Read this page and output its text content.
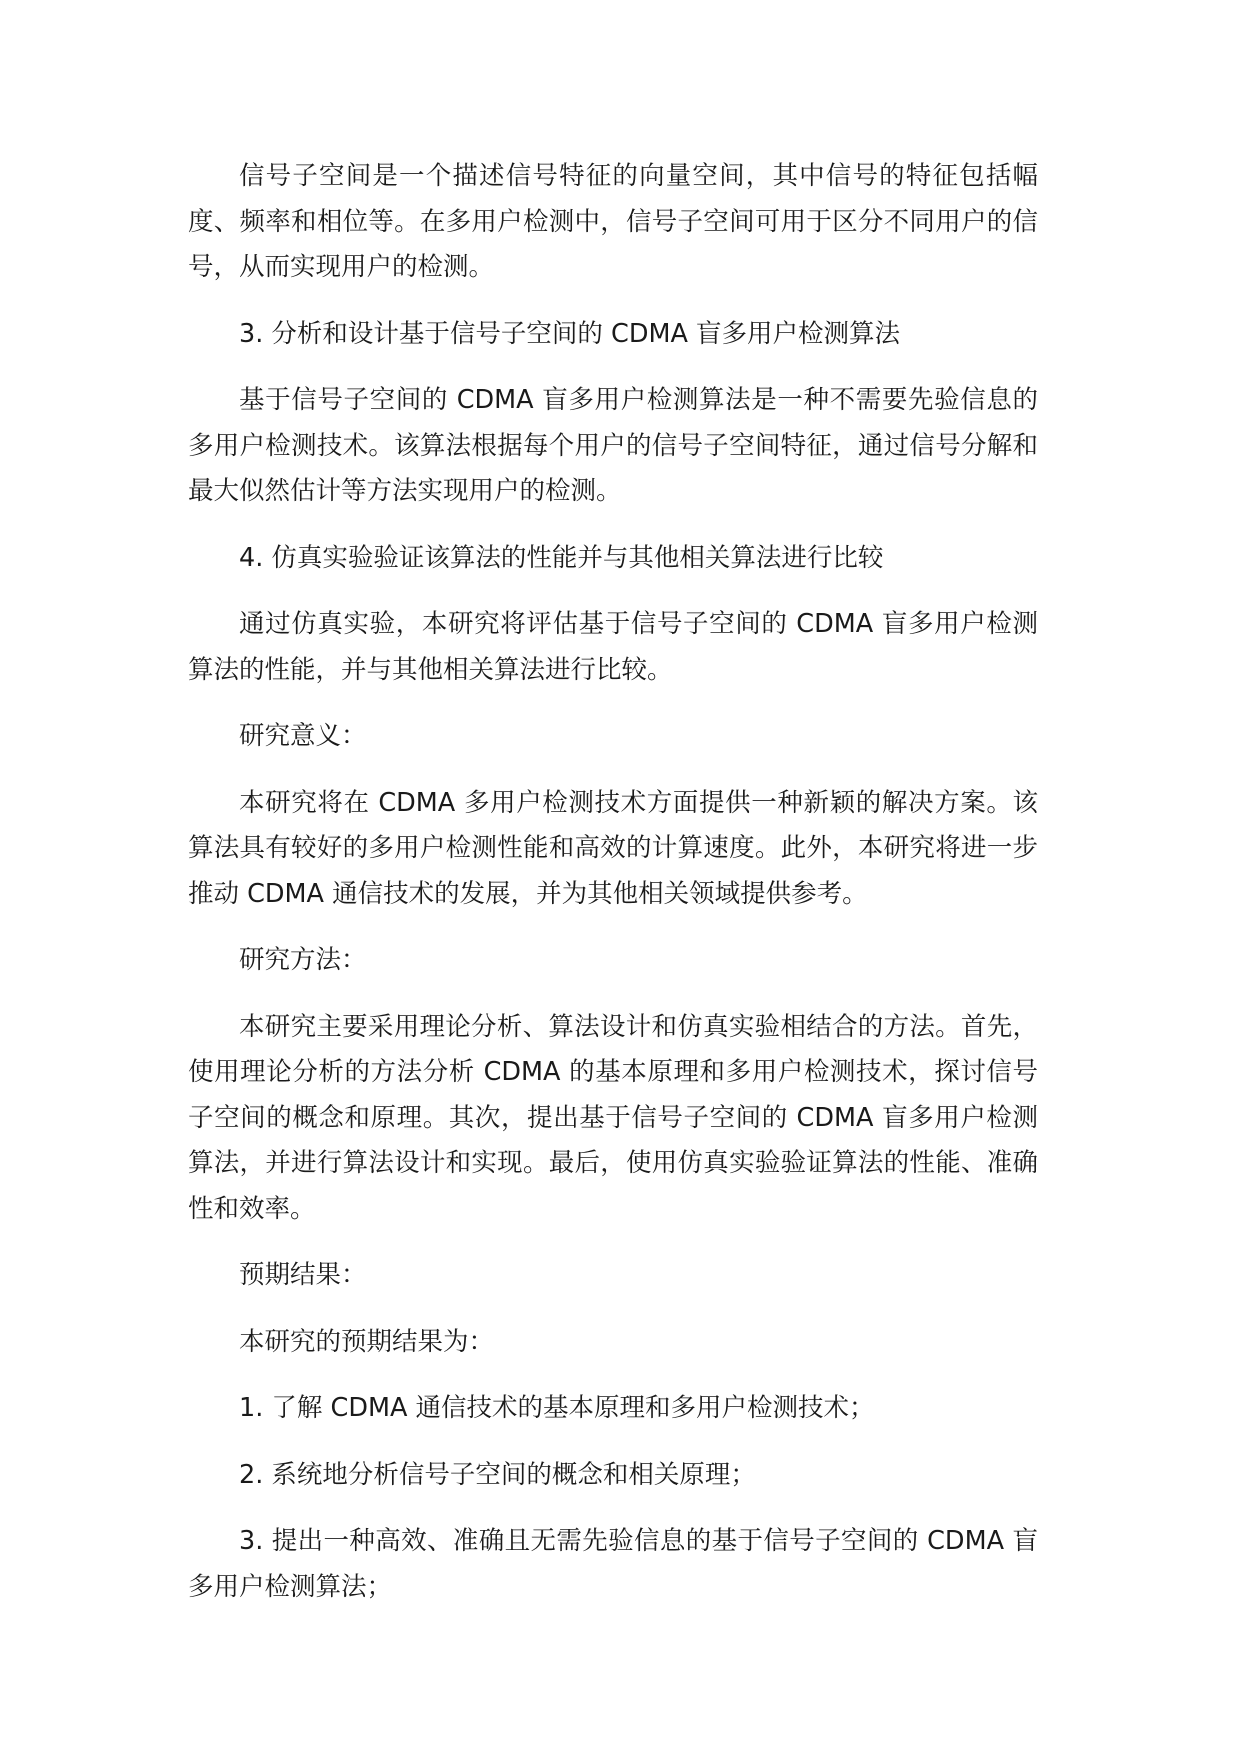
信号子空间是一个描述信号特征的向量空间，其中信号的特征包括幅度、频率和相位等。在多用户检测中，信号子空间可用于区分不同用户的信号，从而实现用户的检测。

3. 分析和设计基于信号子空间的 CDMA 盲多用户检测算法

基于信号子空间的 CDMA 盲多用户检测算法是一种不需要先验信息的多用户检测技术。该算法根据每个用户的信号子空间特征，通过信号分解和最大似然估计等方法实现用户的检测。

4. 仿真实验验证该算法的性能并与其他相关算法进行比较

通过仿真实验，本研究将评估基于信号子空间的 CDMA 盲多用户检测算法的性能，并与其他相关算法进行比较。

研究意义：

本研究将在 CDMA 多用户检测技术方面提供一种新颖的解决方案。该算法具有较好的多用户检测性能和高效的计算速度。此外，本研究将进一步推动 CDMA 通信技术的发展，并为其他相关领域提供参考。

研究方法：

本研究主要采用理论分析、算法设计和仿真实验相结合的方法。首先，使用理论分析的方法分析 CDMA 的基本原理和多用户检测技术，探讨信号子空间的概念和原理。其次，提出基于信号子空间的 CDMA 盲多用户检测算法，并进行算法设计和实现。最后，使用仿真实验验证算法的性能、准确性和效率。

预期结果：

本研究的预期结果为：

1. 了解 CDMA 通信技术的基本原理和多用户检测技术；

2. 系统地分析信号子空间的概念和相关原理；

3. 提出一种高效、准确且无需先验信息的基于信号子空间的 CDMA 盲多用户检测算法；
